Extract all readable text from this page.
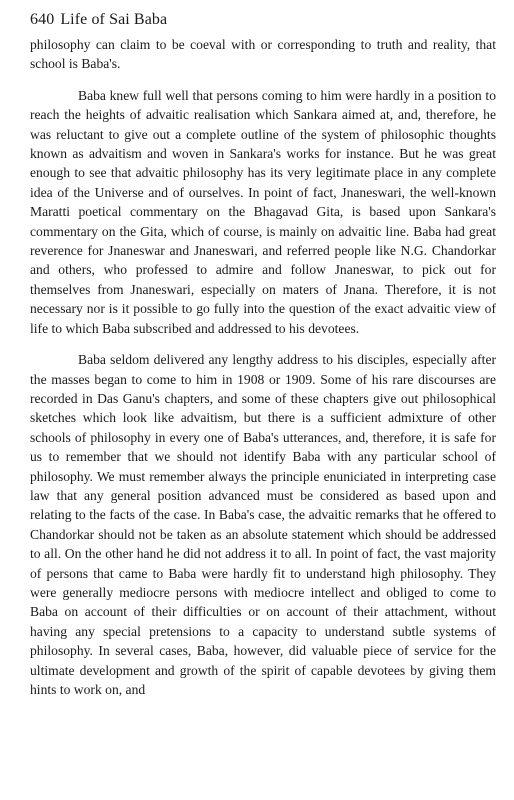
640 Life of Sai Baba

philosophy can claim to be coeval with or corresponding to truth and reality, that school is Baba's.

Baba knew full well that persons coming to him were hardly in a position to reach the heights of advaitic realisation which Sankara aimed at, and, therefore, he was reluctant to give out a complete outline of the system of philosophic thoughts known as advaitism and woven in Sankara's works for instance. But he was great enough to see that advaitic philosophy has its very legitimate place in any complete idea of the Universe and of ourselves. In point of fact, Jnaneswari, the well-known Maratti poetical commentary on the Bhagavad Gita, is based upon Sankara's commentary on the Gita, which of course, is mainly on advaitic line. Baba had great reverence for Jnaneswar and Jnaneswari, and referred people like N.G. Chandorkar and others, who professed to admire and follow Jnaneswar, to pick out for themselves from Jnaneswari, especially on maters of Jnana. Therefore, it is not necessary nor is it possible to go fully into the question of the exact advaitic view of life to which Baba subscribed and addressed to his devotees.

Baba seldom delivered any lengthy address to his disciples, especially after the masses began to come to him in 1908 or 1909. Some of his rare discourses are recorded in Das Ganu's chapters, and some of these chapters give out philosophical sketches which look like advaitism, but there is a sufficient admixture of other schools of philosophy in every one of Baba's utterances, and, therefore, it is safe for us to remember that we should not identify Baba with any particular school of philosophy. We must remember always the principle enuniciated in interpreting case law that any general position advanced must be considered as based upon and relating to the facts of the case. In Baba's case, the advaitic remarks that he offered to Chandorkar should not be taken as an absolute statement which should be addressed to all. On the other hand he did not address it to all. In point of fact, the vast majority of persons that came to Baba were hardly fit to understand high philosophy. They were generally mediocre persons with mediocre intellect and obliged to come to Baba on account of their difficulties or on account of their attachment, without having any special pretensions to a capacity to understand subtle systems of philosophy. In several cases, Baba, however, did valuable piece of service for the ultimate development and growth of the spirit of capable devotees by giving them hints to work on, and
